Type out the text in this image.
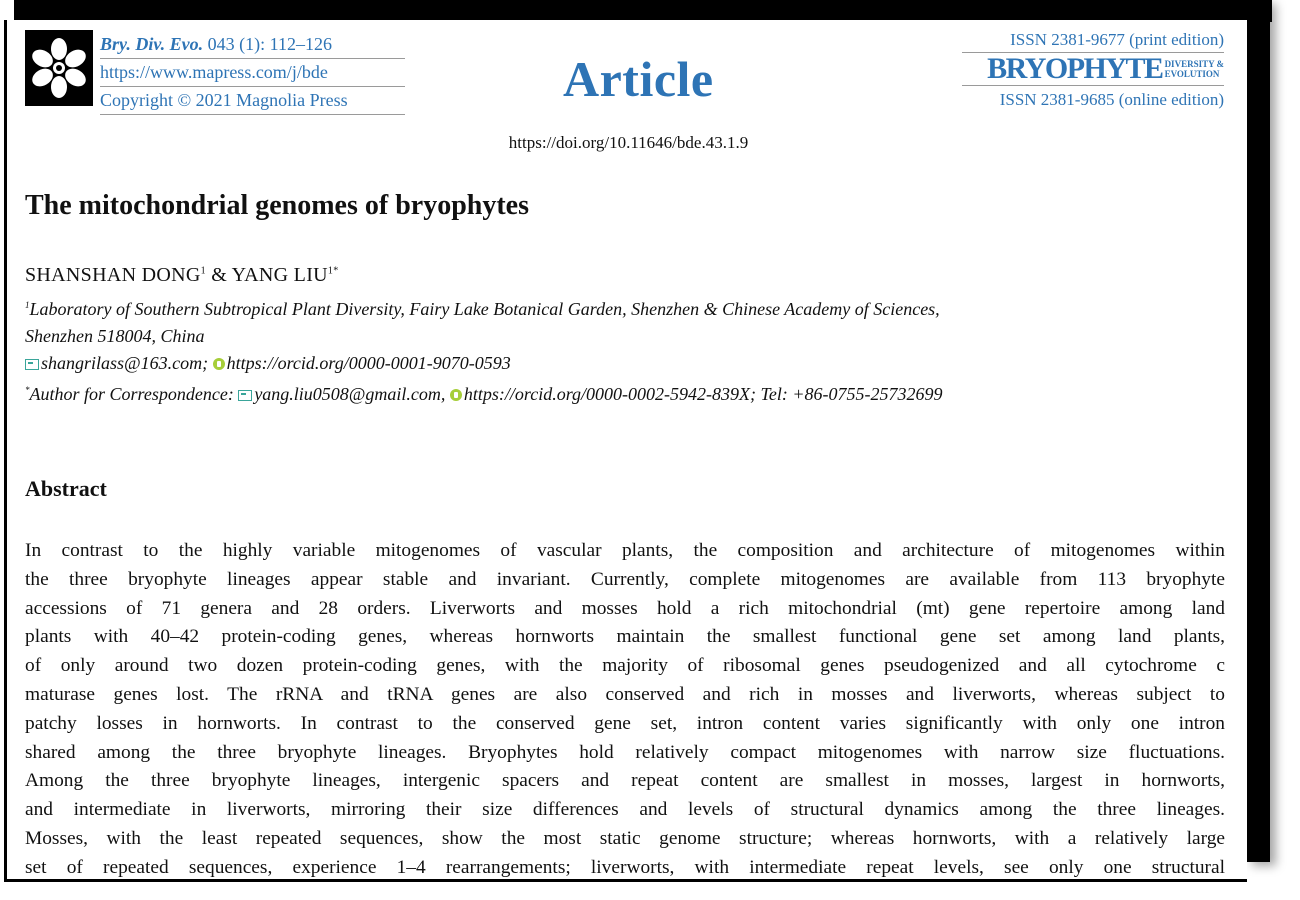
Bry. Div. Evo. 043 (1): 112–126
https://www.mapress.com/j/bde
Copyright © 2021 Magnolia Press	Article
ISSN 2381-9677 (print edition)
BRYOPHYTE DIVERSITY &
EVOLUTION
ISSN 2381-9685 (online edition)
https://doi.org/10.11646/bde.43.1.9
The mitochondrial genomes of bryophytes
SHANSHAN DONG$^1$ & YANG $LIU^{1*}$
$^1$Laboratory of Southern Subtropical Plant Diversity, Fairy Lake Botanical Garden, Shenzhen & Chinese Academy of Sciences,
Shenzhen 518004, China
shangrilass@163.com; https://orcid.org/0000-0001-9070-0593
*Author for Correspondence: yang.liu0508@gmail.com, https://orcid.org/0000-0002-5942-839X; Tel: +86-0755-25732699
Abstract
In contrast to the highly variable mitogenomes of vascular plants, the composition and architecture of mitogenomes within
the three bryophyte lineages appear stable and invariant. Currently, complete mitogenomes are available from 113 bryophyte
accessions of 71 genera and 28 orders. Liverworts and mosses hold a rich mitochondrial (mt) gene repertoire among land
plants with 40–42 protein-coding genes, whereas hornworts maintain the smallest functional gene set among land plants,
of only around two dozen protein-coding genes, with the majority of ribosomal genes pseudogenized and all cytochrome c
maturase genes lost. The rRNA and tRNA genes are also conserved and rich in mosses and liverworts, whereas subject to
patchy losses in hornworts. In contrast to the conserved gene set, intron content varies significantly with only one intron
shared among the three bryophyte lineages. Bryophytes hold relatively compact mitogenomes with narrow size fluctuations.
Among the three bryophyte lineages, intergenic spacers and repeat content are smallest in mosses, largest in hornworts,
and intermediate in liverworts, mirroring their size differences and levels of structural dynamics among the three lineages.
Mosses, with the least repeated sequences, show the most static genome structure; whereas hornworts, with a relatively large
set of repeated sequences, experience 1–4 rearrangements; liverworts, with intermediate repeat levels, see only one structural
